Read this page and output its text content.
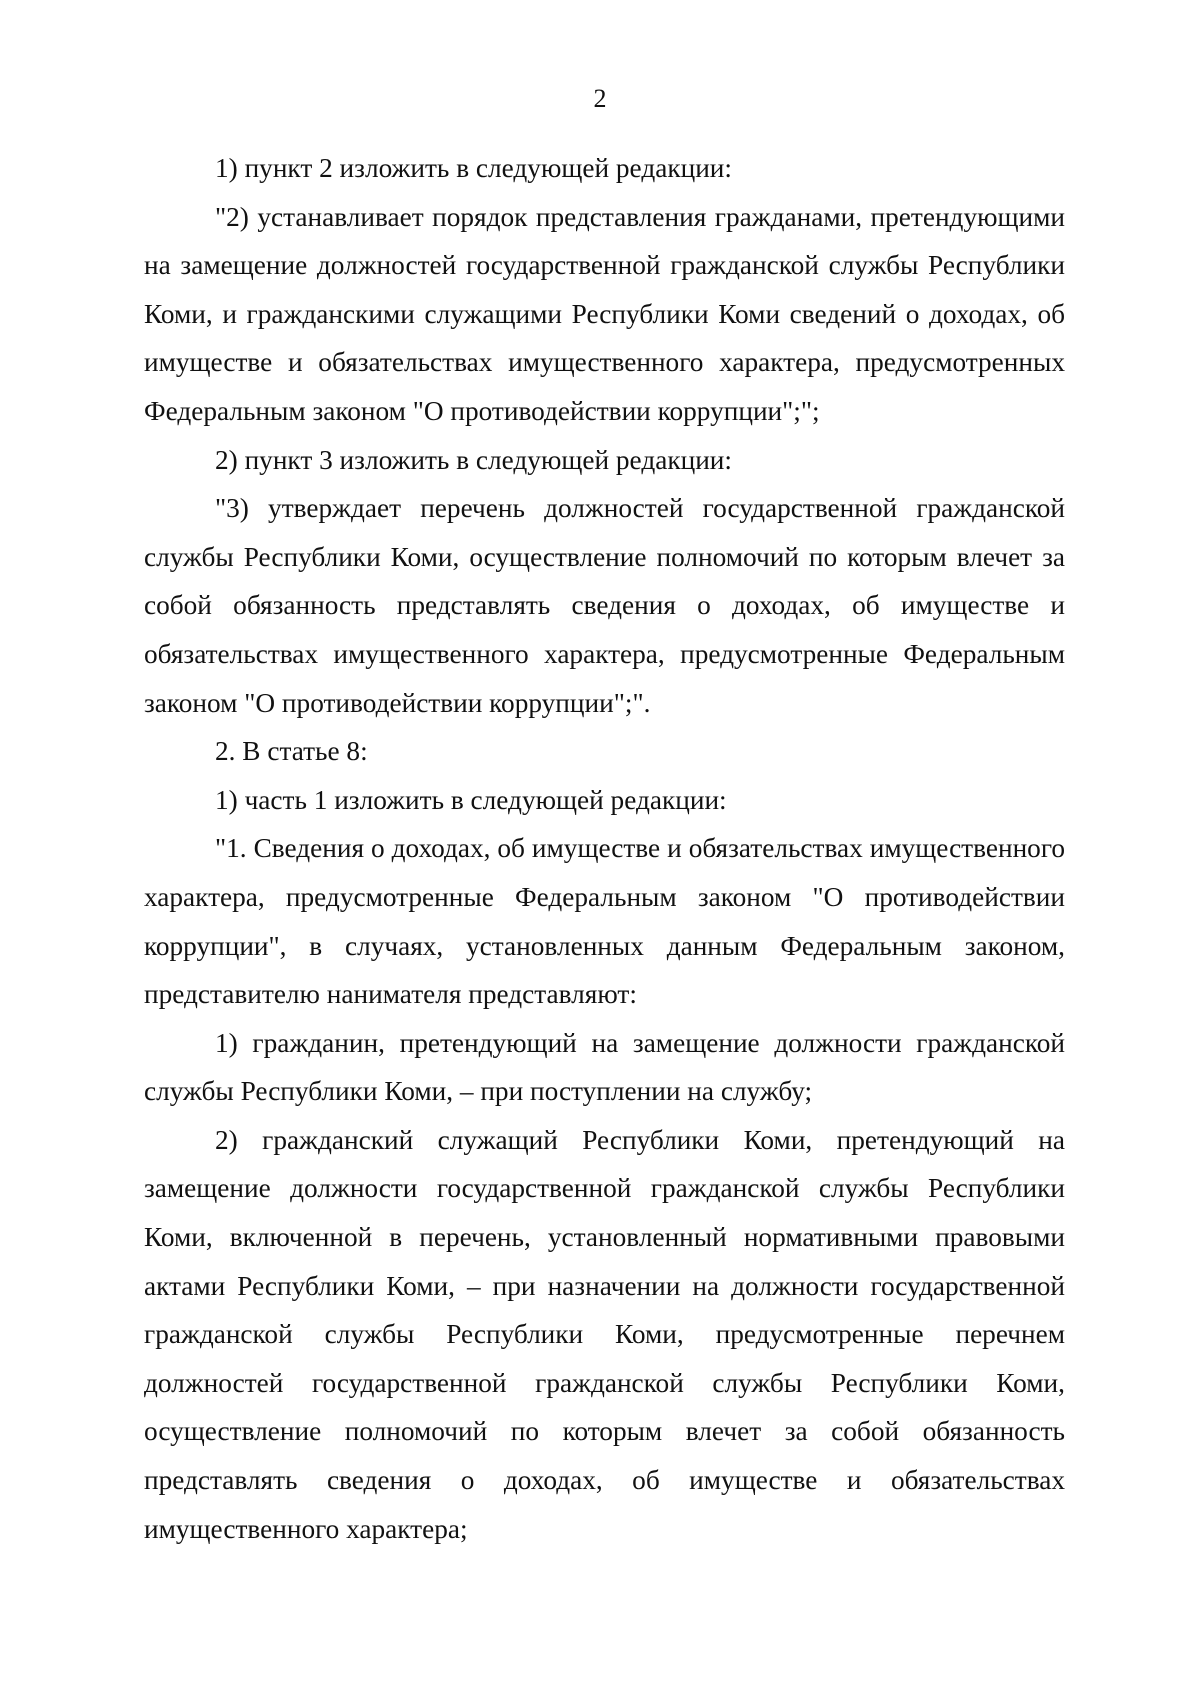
2

1) пункт 2 изложить в следующей редакции:

"2) устанавливает порядок представления гражданами, претендующими на замещение должностей государственной гражданской службы Республики Коми, и гражданскими служащими Республики Коми сведений о доходах, об имуществе и обязательствах имущественного характера, предусмотренных Федеральным законом "О противодействии коррупции";";

2) пункт 3 изложить в следующей редакции:

"3) утверждает перечень должностей государственной гражданской службы Республики Коми, осуществление полномочий по которым влечет за собой обязанность представлять сведения о доходах, об имуществе и обязательствах имущественного характера, предусмотренные Федеральным законом "О противодействии коррупции";".

2. В статье 8:

1) часть 1 изложить в следующей редакции:

"1. Сведения о доходах, об имуществе и обязательствах имущественного характера, предусмотренные Федеральным законом "О противодействии коррупции", в случаях, установленных данным Федеральным законом, представителю нанимателя представляют:

1) гражданин, претендующий на замещение должности гражданской службы Республики Коми, – при поступлении на службу;

2) гражданский служащий Республики Коми, претендующий на замещение должности государственной гражданской службы Республики Коми, включенной в перечень, установленный нормативными правовыми актами Республики Коми, – при назначении на должности государственной гражданской службы Республики Коми, предусмотренные перечнем должностей государственной гражданской службы Республики Коми, осуществление полномочий по которым влечет за собой обязанность представлять сведения о доходах, об имуществе и обязательствах имущественного характера;
